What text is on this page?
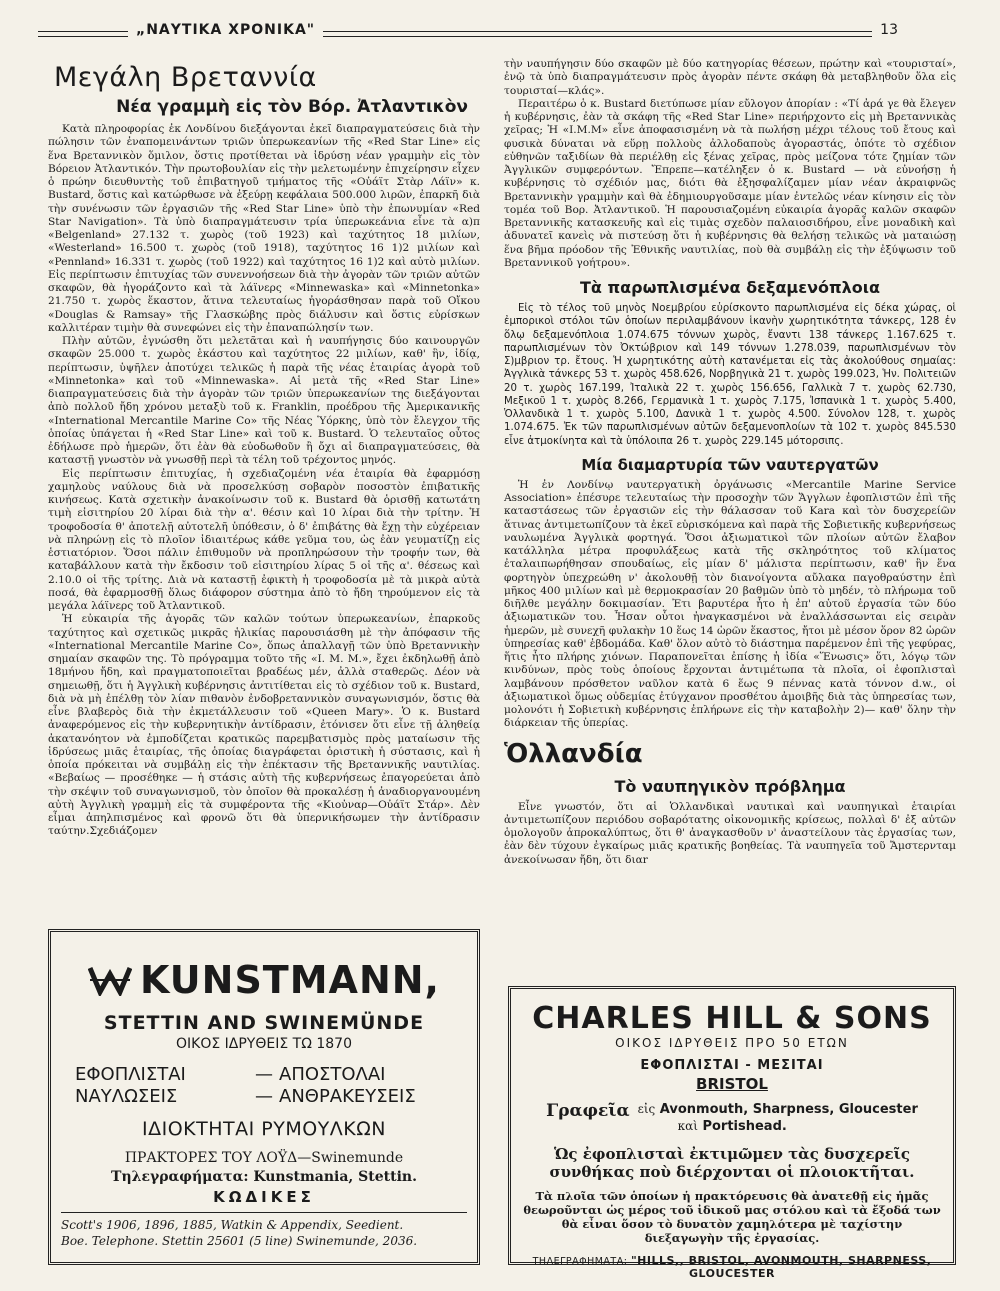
„ΝΑΥΤΙΚΑ ΧΡΟΝΙΚΑ"	13
Μεγάλη Βρεταννία
Νέα γραμμὴ εἰς τὸν Βόρ. Ἀτλαντικὸν

Κατὰ πληροφορίας ἐκ Λονδίνου διεξάγονται ἐκεῖ διαπραγματεύσεις διὰ τὴν πώλησιν τῶν ἐναπομεινάντων τριῶν ὑπερωκεανίων τῆς «Red Star Line» εἰς ἕνα Βρεταννικὸν ὅμιλον, ὅστις προτίθεται νὰ ἱδρύσῃ νέαν γραμμὴν εἰς τὸν Βόρειον Ἀτλαντικόν. Τὴν πρωτοβουλίαν εἰς τὴν μελετωμένην ἐπιχείρησιν εἶχεν ὁ πρώην διευθυντὴς τοῦ ἐπιβατηγοῦ τμήματος τῆς «Οὐάϊτ Στὰρ Λάϊν» κ. Bustard, ὅστις καὶ κατώρθωσε νὰ ἐξεύρῃ κεφάλαια 500.000 λιρῶν, ἐπαρκῆ διὰ τὴν συνένωσιν τῶν ἐργασιῶν τῆς «Red Star Line» ὑπὸ τὴν ἐπωνυμίαν «Red Star Navigation». Τὰ ὑπὸ διαπραγμάτευσιν τρία ὑπερωκεάνια εἶνε τὰ α)π «Belgenland» 27.132 τ. χωρὸς (τοῦ 1923) καὶ ταχύτητος 18 μιλίων, «Westerland» 16.500 τ. χωρὸς (τοῦ 1918), ταχύτητος 16 1)2 μιλίων καὶ «Pennland» 16.331 τ. χωρὸς (τοῦ 1922) καὶ ταχύτητος 16 1)2 καὶ αὐτὸ μιλίων. Εἰς περίπτωσιν ἐπιτυχίας τῶν συνεννοήσεων διὰ τὴν ἀγορὰν τῶν τριῶν αὐτῶν σκαφῶν, θὰ ἠγοράζοντο καὶ τὰ λάϊνερς «Minnewaska» καὶ «Minnetonka» 21.750 τ. χωρὸς ἕκαστον, ἅτινα τελευταίως ἠγοράσθησαν παρὰ τοῦ Οἴκου «Douglas & Ramsay» τῆς Γλασκώβης πρὸς διάλυσιν καὶ ὅστις εὑρίσκων καλλιτέραν τιμὴν θὰ συνεφώνει εἰς τὴν ἐπαναπώλησίν των.

Πλὴν αὐτῶν, ἐγνώσθη ὅτι μελετᾶται καὶ ἡ ναυπήγησις δύο καινουργῶν σκαφῶν 25.000 τ. χωρὸς ἑκάστου καὶ ταχύτητος 22 μιλίων, καθ' ἣν, ἰδίᾳ, περίπτωσιν, ὑψῆλεν ἀποτύχει τελικῶς ἡ παρὰ τῆς νέας ἑταιρίας ἀγορὰ τοῦ «Minnetonka» καὶ τοῦ «Minnewaska». Αἱ μετὰ τῆς «Red Star Line» διαπραγματεύσεις διὰ τὴν ἀγορὰν τῶν τριῶν ὑπερωκεανίων της διεξάγονται ἀπὸ πολλοῦ ἤδη χρόνου μεταξὺ τοῦ κ. Franklin, προέδρου τῆς Ἀμερικανικῆς «International Mercantile Marine Co» τῆς Νέας Ὑόρκης, ὑπὸ τὸν ἔλεγχον τῆς ὁποίας ὑπάγεται ἡ «Red Star Line» καὶ τοῦ κ. Bustard. Ὁ τελευταῖος οὗτος ἐδήλωσε πρὸ ἡμερῶν, ὅτι ἐὰν θὰ εὐοδωθοῦν ἢ ὄχι αἱ διαπραγματεύσεις, θὰ καταστῇ γνωστὸν νὰ γνωσθῇ περὶ τὰ τέλη τοῦ τρέχοντος μηνός.

Εἰς περίπτωσιν ἐπιτυχίας, ἡ σχεδιαζομένη νέα ἑταιρία θὰ ἐφαρμόσῃ χαμηλοὺς ναύλους διὰ νὰ προσελκύσῃ σοβαρὸν ποσοστὸν ἐπιβατικῆς κινήσεως. Κατὰ σχετικὴν ἀνακοίνωσιν τοῦ κ. Bustard θὰ ὁρισθῇ κατωτάτη τιμὴ εἰσιτηρίου 20 λίραι διὰ τὴν α'. θέσιν καὶ 10 λίραι διὰ τὴν τρίτην. Ἡ τροφοδοσία θ' ἀποτελῇ αὐτοτελῆ ὑπόθεσιν, ὁ δ' ἐπιβάτης θὰ ἔχῃ τὴν εὐχέρειαν νὰ πληρώνῃ εἰς τὸ πλοῖον ἰδιαιτέρως κάθε γεῦμα του, ὡς ἐὰν γευματίζῃ εἰς ἑστιατόριον. Ὅσοι πάλιν ἐπιθυμοῦν νὰ προπληρώσουν τὴν τροφήν των, θὰ καταβάλλουν κατὰ τὴν ἔκδοσιν τοῦ εἰσιτηρίου λίρας 5 οἱ τῆς α'. θέσεως καὶ 2.10.0 οἱ τῆς τρίτης. Διὰ νὰ καταστῇ ἐφικτὴ ἡ τροφοδοσία μὲ τὰ μικρὰ αὐτὰ ποσά, θὰ ἐφαρμοσθῇ ὅλως διάφορον σύστημα ἀπὸ τὸ ἤδη τηρούμενον εἰς τὰ μεγάλα λάϊνερς τοῦ Ἀτλαντικοῦ.

Ἡ εὐκαιρία τῆς ἀγορᾶς τῶν καλῶν τούτων ὑπερωκεανίων, ἐπαρκοῦς ταχύτητος καὶ σχετικῶς μικρᾶς ἡλικίας παρουσιάσθη μὲ τὴν ἀπόφασιν τῆς «International Mercantile Marine Co», ὅπως ἀπαλλαγῇ τῶν ὑπὸ Βρεταννικὴν σημαίαν σκαφῶν της. Τὸ πρόγραμμα τοῦτο τῆς «I. M. M.», ἔχει ἐκδηλωθῇ ἀπὸ 18μήνου ἤδη, καὶ πραγματοποιεῖται βραδέως μέν, ἀλλὰ σταθερῶς. Δέον νὰ σημειωθῇ, ὅτι ἡ Ἀγγλικὴ κυβέρνησις ἀντιτίθεται εἰς τὸ σχέδιον τοῦ κ. Bustard, διὰ νὰ μὴ ἐπέλθῃ τὸν λίαν πιθανὸν ἐνδοβρεταννικὸν συναγωνισμόν, ὅστις θὰ εἶνε βλαβερὸς διὰ τὴν ἐκμετάλλευσιν τοῦ «Queen Mary». Ὁ κ. Bustard ἀναφερόμενος εἰς τὴν κυβερνητικὴν ἀντίδρασιν, ἐτόνισεν ὅτι εἶνε τῇ ἀληθείᾳ ἀκατανόητον νὰ ἐμποδίζεται κρατικῶς παρεμβατισμὸς πρὸς ματαίωσιν τῆς ἱδρύσεως μιᾶς ἑταιρίας, τῆς ὁποίας διαγράφεται ὁριστικὴ ἡ σύστασις, καὶ ἡ ὁποία πρόκειται νὰ συμβάλῃ εἰς τὴν ἐπέκτασιν τῆς Βρεταννικῆς ναυτιλίας. «Βεβαίως — προσέθηκε — ἡ στάσις αὐτὴ τῆς κυβερνήσεως ἐπαγορεύεται ἀπὸ τὴν σκέψιν τοῦ συναγωνισμοῦ, τὸν ὁποῖον θὰ προκαλέσῃ ἡ ἀναδιοργανουμένη αὐτὴ Ἀγγλικὴ γραμμὴ εἰς τὰ συμφέροντα τῆς «Κιοὐναρ—Οὐάϊτ Στάρ». Δὲν εἶμαι ἀπηλπισμένος καὶ φρονῶ ὅτι θὰ ὑπερνικήσωμεν τὴν ἀντίδρασιν ταύτην.Σχεδιάζομεν

τὴν ναυπήγησιν δύο σκαφῶν μὲ δύο κατηγορίας θέσεων, πρώτην καὶ «τουρισταί», ἐνῷ τὰ ὑπὸ διαπραγμάτευσιν πρὸς ἀγορὰν πέντε σκάφη θὰ μεταβληθοῦν ὅλα εἰς τουρισταί—κλάς».

Περαιτέρω ὁ κ. Bustard διετύπωσε μίαν εὔλογον ἀπορίαν : «Τί ἀρά γε θὰ ἔλεγεν ἡ κυβέρνησις, ἐὰν τὰ σκάφη τῆς «Red Star Line» περιήρχοντο εἰς μὴ Βρεταννικὰς χεῖρας; Ἡ «I.M.M» εἶνε ἀποφασισμένη νὰ τὰ πωλήσῃ μέχρι τέλους τοῦ ἔτους καὶ φυσικὰ δύναται νὰ εὕρῃ πολλοὺς ἀλλοδαποὺς ἀγοραστάς, ὁπότε τὸ σχέδιον εὐθηνῶν ταξιδίων θὰ περιέλθῃ εἰς ξένας χεῖρας, πρὸς μείζονα τότε ζημίαν τῶν Ἀγγλικῶν συμφερόντων. Ἔπρεπε—κατέληξεν ὁ κ. Bustard — νὰ εὐνοήσῃ ἡ κυβέρνησις τὸ σχέδιόν μας, διότι θὰ ἐξησφαλίζαμεν μίαν νέαν ἀκραιφνῶς Βρεταννικὴν γραμμὴν καὶ θὰ ἐδημιουργοῦσαμε μίαν ἐντελῶς νέαν κίνησιν εἰς τὸν τομέα τοῦ Βορ. Ἀτλαντικοῦ. Ἡ παρουσιαζομένη εὐκαιρία ἀγορᾶς καλῶν σκαφῶν Βρεταννικῆς κατασκευῆς καὶ εἰς τιμὰς σχεδὸν παλαιοσιδήρου, εἶνε μοναδικὴ καὶ ἀδυνατεῖ κανεὶς νὰ πιστεύσῃ ὅτι ἡ κυβέρνησις θὰ θελήσῃ τελικῶς νὰ ματαιώσῃ ἕνα βῆμα πρόοδον τῆς Ἐθνικῆς ναυτιλίας, ποὺ θὰ συμβάλῃ εἰς τὴν ἐξύψωσιν τοῦ Βρεταννικοῦ γοήτρου».

Τὰ παρωπλισμένα δεξαμενόπλοια

Εἰς τὸ τέλος τοῦ μηνὸς Νοεμβρίου εὑρίσκοντο παρωπλισμένα εἰς δέκα χώρας, οἱ ἐμπορικοὶ στόλοι τῶν ὁποίων περιλαμβάνουν ἱκανὴν χωρητικότητα τάνκερς, 128 ἐν ὅλῳ δεξαμενόπλοια 1.074.675 τόννων χωρὸς, ἔναντι 138 τάνκερς 1.167.625 τ. παρωπλισμένων τὸν Ὀκτώβριον καὶ 149 τόννων 1.278.039, παρωπλισμένων τὸν Σ)μβριον τρ. ἔτους. Ἡ χωρητικότης αὐτὴ κατανέμεται εἰς τὰς ἀκολούθους σημαίας: Ἀγγλικὰ τάνκερς 53 τ. χωρὸς 458.626, Νορβηγικὰ 21 τ. χωρὸς 199.023, Ἡν. Πολιτειῶν 20 τ. χωρὸς 167.199, Ἰταλικὰ 22 τ. χωρὸς 156.656, Γαλλικὰ 7 τ. χωρὸς 62.730, Μεξικοῦ 1 τ. χωρὸς 8.266, Γερμανικὰ 1 τ. χωρὸς 7.175, Ἰσπανικὰ 1 τ. χωρὸς 5.400, Ὁλλανδικὰ 1 τ. χωρὸς 5.100, Δανικὰ 1 τ. χωρὸς 4.500. Σύνολον 128, τ. χωρὸς 1.074.675. Ἐκ τῶν παρωπλισμένων αὐτῶν δεξαμενοπλοίων τὰ 102 τ. χωρὸς 845.530 εἶνε ἀτμοκίνητα καὶ τὰ ὑπόλοιπα 26 τ. χωρὸς 229.145 μότορσιπς.

Μία διαμαρτυρία τῶν ναυτεργατῶν

Ἡ ἐν Λονδίνῳ ναυτεργατικὴ ὀργάνωσις «Mercantile Marine Service Association» ἐπέσυρε τελευταίως τὴν προσοχὴν τῶν Ἄγγλων ἐφοπλιστῶν ἐπὶ τῆς καταστάσεως τῶν ἐργασιῶν εἰς τὴν θάλασσαν τοῦ Kara καὶ τὸν δυσχερείῶν ἅτινας ἀντιμετωπίζουν τὰ ἐκεῖ εὑρισκόμενα καὶ παρὰ τῆς Σοβιετικῆς κυβερνήσεως ναυλωμένα Ἀγγλικὰ φορτηγά. Ὅσοι ἀξιωματικοὶ τῶν πλοίων αὐτῶν ἔλαβον κατάλληλα μέτρα προφυλάξεως κατὰ τῆς σκληρότητος τοῦ κλίματος ἐταλαιπωρήθησαν σπουδαίως, εἰς μίαν δ' μάλιστα περίπτωσιν, καθ' ἣν ἕνα φορτηγὸν ὑπεχρεώθη ν' ἀκολουθῇ τὸν διανοίγοντα αὔλακα παγοθραύστην ἐπὶ μῆκος 400 μιλίων καὶ μὲ θερμοκρασίαν 20 βαθμῶν ὑπὸ τὸ μηδέν, τὸ πλήρωμα τοῦ διῆλθε μεγάλην δοκιμασίαν. Ἐτι βαρυτέρα ἦτο ἡ ἐπ' αὐτοῦ ἐργασία τῶν δύο ἀξιωματικῶν του. Ἦσαν οὗτοι ἠναγκασμένοι νὰ ἐναλλάσσωνται εἰς σειρὰν ἡμερῶν, μὲ συνεχῆ φυλακὴν 10 ἕως 14 ὡρῶν ἕκαστος, ἤτοι μὲ μέσον ὅρον 82 ὡρῶν ὑπηρεσίας καθ' ἑβδομάδα. Καθ' ὅλον αὐτὸ τὸ διάστημα παρέμενον ἐπὶ τῆς γεφύρας, ἥτις ἦτο πλήρης χιόνων. Παραπονεῖται ἐπίσης ἡ ἰδία «Ἕνωσις» ὅτι, λόγῳ τῶν κινδύνων, πρὸς τοὺς ὁποίους ἔρχονται ἀντιμέτωπα τὰ πλοῖα, οἱ ἐφοπλισταὶ λαμβάνουν πρόσθετον ναῦλον κατὰ 6 ἕως 9 πέννας κατὰ τόννον d.w., οἱ ἀξιωματικοὶ ὅμως οὐδεμίας ἐτύγχανον προσθέτου ἀμοιβῆς διὰ τὰς ὑπηρεσίας των, μολονότι ἡ Σοβιετικὴ κυβέρνησις ἐπλήρωνε εἰς τὴν καταβολὴν 2)— καθ' ὅλην τὴν διάρκειαν τῆς ὑπερίας.

Ὁλλανδία
Τὸ ναυπηγικὸν πρόβλημα

Εἶνε γνωστόν, ὅτι αἱ Ὁλλανδικαὶ ναυτικαὶ καὶ ναυπηγικαὶ ἑταιρίαι ἀντιμετωπίζουν περιόδου σοβαρότατης οἰκονομικῆς κρίσεως, πολλαὶ δ' ἐξ αὐτῶν ὁμολογοῦν ἀπροκαλύπτως, ὅτι θ' ἀναγκασθοῦν ν' ἀναστείλουν τὰς ἐργασίας των, ἐὰν δὲν τύχουν ἐγκαίρως μιᾶς κρατικῆς βοηθείας. Τὰ ναυπηγεῖα τοῦ Ἄμστερνταμ ἀνεκοίνωσαν ἤδη, ὅτι διαr

KUNSTMANN,
STETTIN AND SWINEMÜNDE
ΟΙΚΟΣ ΙΔΡΥΘΕΙΣ ΤΩ 1870
ΕΦΟΠΛΙΣΤΑΙ	— ΑΠΟΣΤΟΛΑΙ
ΝΑΥΛΩΣΕΙΣ	— ΑΝΘΡΑΚΕΥΣΕΙΣ
ΙΔΙΟΚΤΗΤΑΙ ΡΥΜΟΥΛΚΩΝ
ΠΡΑΚΤΟΡΕΣ ΤΟΥ ΛΟΫΔ—Swinemunde
Τηλεγραφήματα: Kunstmania, Stettin.
ΚΩΔΙΚΕΣ
Scott's 1906, 1896, 1885, Watkin & Appendix, Seedient.
Boe. Telephone. Stettin 25601 (5 line) Swinemunde, 2036.
CHARLES HILL & SONS
ΟΙΚΟΣ ΙΔΡΥΘΕΙΣ ΠΡΟ 50 ΕΤΩΝ
ΕΦΟΠΛΙΣΤΑΙ - ΜΕΣΙΤΑΙ
BRISTOL
Γραφεῖα εἰς Avonmouth, Sharpness, Gloucester
καὶ Portishead.
Ὡς ἐφοπλισταὶ ἐκτιμῶμεν τὰς δυσχερεῖς συνθήκας ποὺ διέρχονται οἱ πλοιοκτῆται.
Τὰ πλοῖα τῶν ὁποίων ἡ πρακτόρευσις θὰ ἀνατεθῇ εἰς ἡμᾶς θεωροῦνται ὡς μέρος τοῦ ἰδικοῦ μας στόλου καὶ τὰ ἔξοδά των θὰ εἶναι ὅσον τὸ δυνατὸν χαμηλότερα μὲ ταχίστην διεξαγωγὴν τῆς ἐργασίας.
ΤΗΛΕΓΡΑΦΗΜΑΤΑ: "HILLS,, BRISTOL, AVONMOUTH, SHARPNESS, GLOUCESTER
